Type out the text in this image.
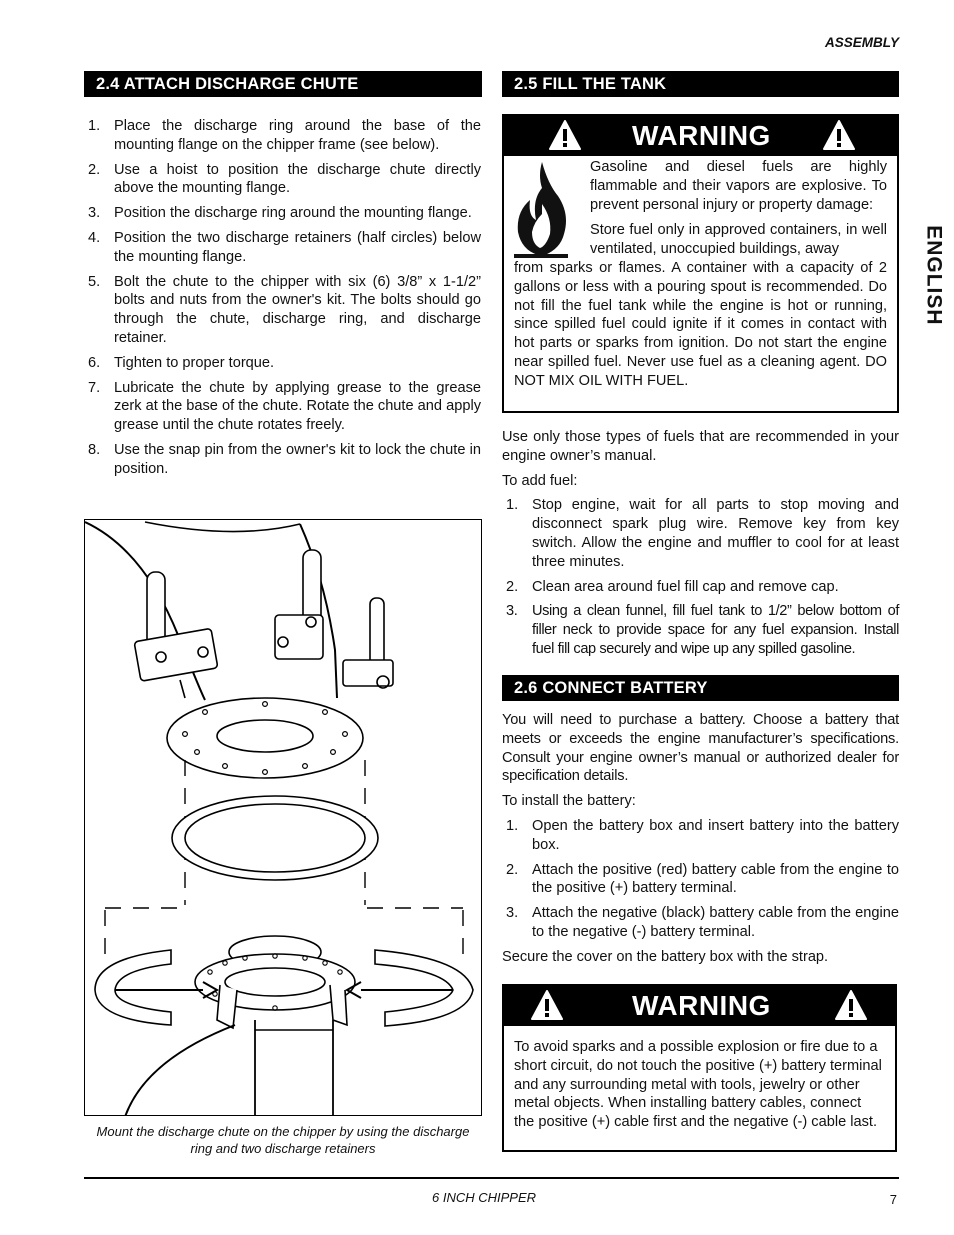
ASSEMBLY
ENGLISH
2.4 ATTACH DISCHARGE CHUTE
1. Place the discharge ring around the base of the mounting flange on the chipper frame (see below).
2. Use a hoist to position the discharge chute directly above the mounting flange.
3. Position the discharge ring around the mounting flange.
4. Position the two discharge retainers (half circles) below the mounting flange.
5. Bolt the chute to the chipper with six (6) 3/8” x 1-1/2” bolts and nuts from the owner's kit. The bolts should go through the chute, discharge ring, and discharge retainer.
6. Tighten to proper torque.
7. Lubricate the chute by applying grease to the grease zerk at the base of the chute. Rotate the chute and apply grease until the chute rotates freely.
8. Use the snap pin from the owner's kit to lock the chute in position.
Mount the discharge chute on the chipper by using the discharge ring and two discharge retainers
2.5 FILL THE TANK
WARNING
Gasoline and diesel fuels are highly flammable and their vapors are explosive. To prevent personal injury or property damage:
Store fuel only in approved containers, in well ventilated, unoccupied buildings, away
from sparks or flames. A container with a capacity of 2 gallons or less with a pouring spout is recommended. Do not fill the fuel tank while the engine is hot or running, since spilled fuel could ignite if it comes in contact with hot parts or sparks from ignition. Do not start the engine near spilled fuel. Never use fuel as a cleaning agent. DO NOT MIX OIL WITH FUEL.

Use only those types of fuels that are recommended in your engine owner’s manual.

To add fuel:

1. Stop engine, wait for all parts to stop moving and disconnect spark plug wire. Remove key from key switch. Allow the engine and muffler to cool for at least three minutes.
2. Clean area around fuel fill cap and remove cap.
3. Using a clean funnel, fill fuel tank to 1/2” below bottom of filler neck to provide space for any fuel expansion. Install fuel fill cap securely and wipe up any spilled gasoline.
2.6 CONNECT BATTERY

You will need to purchase a battery. Choose a battery that meets or exceeds the engine manufacturer’s specifications. Consult your engine owner’s manual or authorized dealer for specification details.

To install the battery:

1. Open the battery box and insert battery into the battery box.
2. Attach the positive (red) battery cable from the engine to the positive (+) battery terminal.
3. Attach the negative (black) battery cable from the engine to the negative (-) battery terminal.

Secure the cover on the battery box with the strap.

WARNING
To avoid sparks and a possible explosion or fire due to a short circuit, do not touch the positive (+) battery terminal and any surrounding metal with tools, jewelry or other metal objects. When installing battery cables, connect the positive (+) cable first and the negative (-) cable last.
6 INCH CHIPPER	7
